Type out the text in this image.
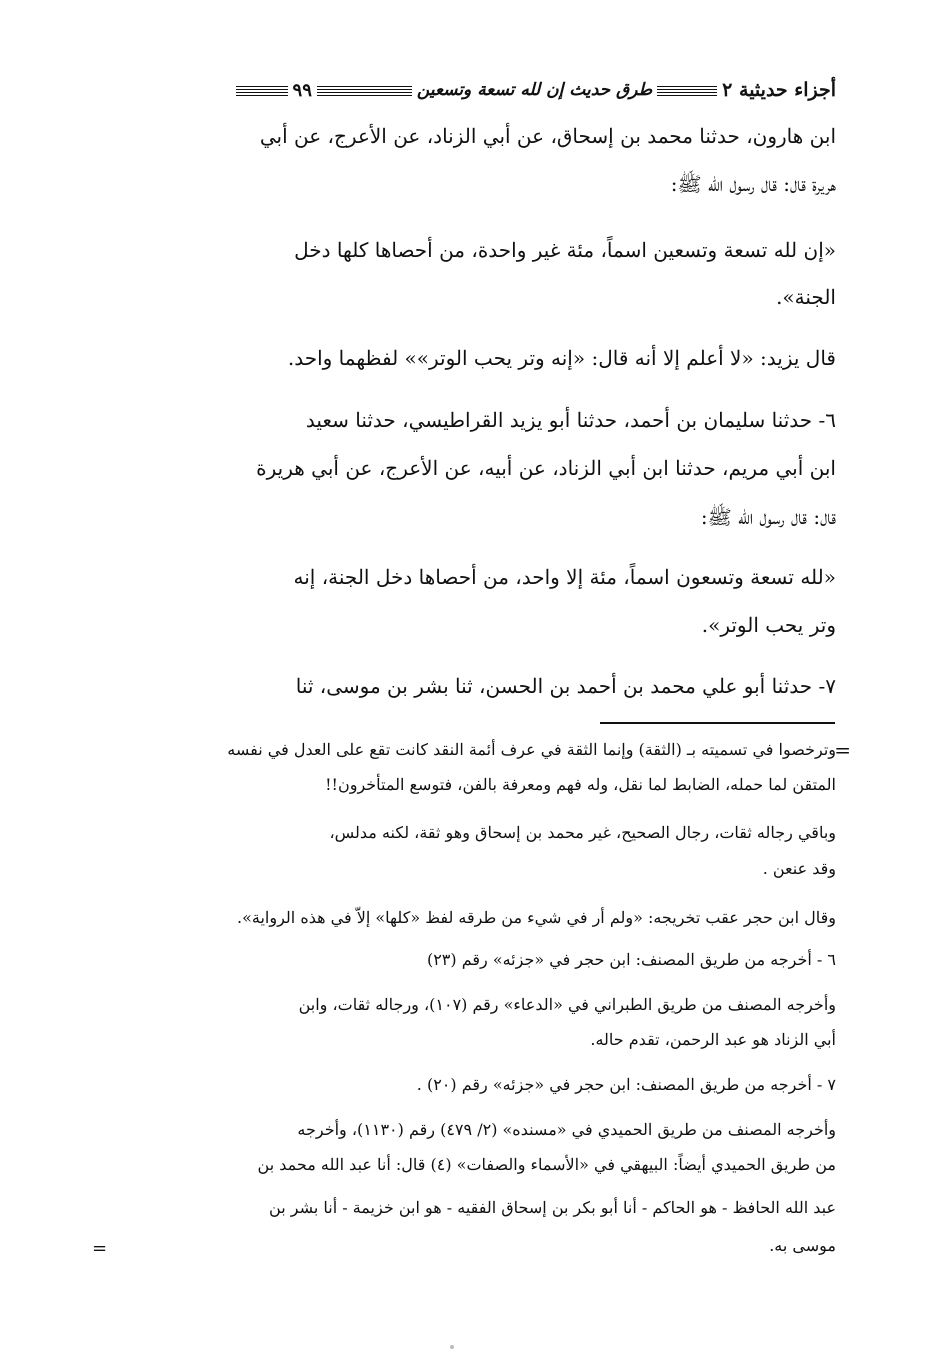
أجزاء حديثية ٢
طرق حديث إن لله تسعة وتسعين
٩٩
ابن هارون، حدثنا محمد بن إسحاق، عن أبي الزناد، عن الأعرج، عن أبي
هريرة قال: قال رسول الله ﷺ:
«إن لله تسعة وتسعين اسماً، مئة غير واحدة، من أحصاها كلها دخل
الجنة».
قال يزيد: «لا أعلم إلا أنه قال: «إنه وتر يحب الوتر»» لفظهما واحد.
٦- حدثنا سليمان بن أحمد، حدثنا أبو يزيد القراطيسي، حدثنا سعيد
ابن أبي مريم، حدثنا ابن أبي الزناد، عن أبيه، عن الأعرج، عن أبي هريرة
قال: قال رسول الله ﷺ:
«لله تسعة وتسعون اسماً، مئة إلا واحد، من أحصاها دخل الجنة، إنه
وتر يحب الوتر».
٧- حدثنا أبو علي محمد بن أحمد بن الحسن، ثنا بشر بن موسى، ثنا
=
وترخصوا في تسميته بـ (الثقة) وإنما الثقة في عرف أئمة النقد كانت تقع على العدل في نفسه
المتقن لما حمله، الضابط لما نقل، وله فهم ومعرفة بالفن، فتوسع المتأخرون!!
وباقي رجاله ثقات، رجال الصحيح، غير محمد بن إسحاق وهو ثقة، لكنه مدلس،
وقد عنعن .
وقال ابن حجر عقب تخريجه: «ولم أر في شيء من طرقه لفظ «كلها» إلاّ في هذه الرواية».
٦ - أخرجه من طريق المصنف: ابن حجر في «جزئه» رقم (٢٣)
وأخرجه المصنف من طريق الطبراني في «الدعاء» رقم (١٠٧)، ورجاله ثقات، وابن
أبي الزناد هو عبد الرحمن، تقدم حاله.
٧ - أخرجه من طريق المصنف: ابن حجر في «جزئه» رقم (٢٠) .
وأخرجه المصنف من طريق الحميدي في «مسنده» (٢/ ٤٧٩) رقم (١١٣٠)، وأخرجه
من طريق الحميدي أيضاً: البيهقي في «الأسماء والصفات» (٤) قال: أنا عبد الله محمد بن
عبد الله الحافظ - هو الحاكم - أنا أبو بكر بن إسحاق الفقيه - هو ابن خزيمة - أنا بشر بن
موسى به.
=
